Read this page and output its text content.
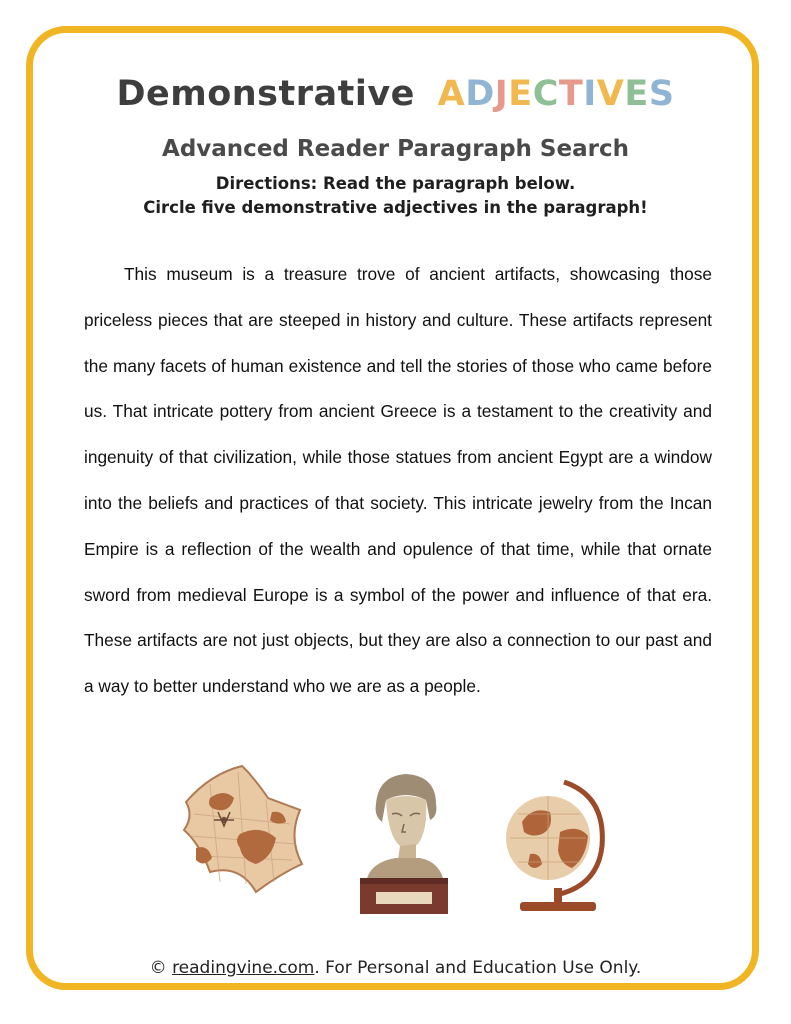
Demonstrative ADJECTIVES
Advanced Reader Paragraph Search
Directions: Read the paragraph below.
Circle five demonstrative adjectives in the paragraph!

This museum is a treasure trove of ancient artifacts, showcasing those priceless pieces that are steeped in history and culture. These artifacts represent the many facets of human existence and tell the stories of those who came before us. That intricate pottery from ancient Greece is a testament to the creativity and ingenuity of that civilization, while those statues from ancient Egypt are a window into the beliefs and practices of that society. This intricate jewelry from the Incan Empire is a reflection of the wealth and opulence of that time, while that ornate sword from medieval Europe is a symbol of the power and influence of that era. These artifacts are not just objects, but they are also a connection to our past and a way to better understand who we are as a people.

© readingvine.com. For Personal and Education Use Only.
